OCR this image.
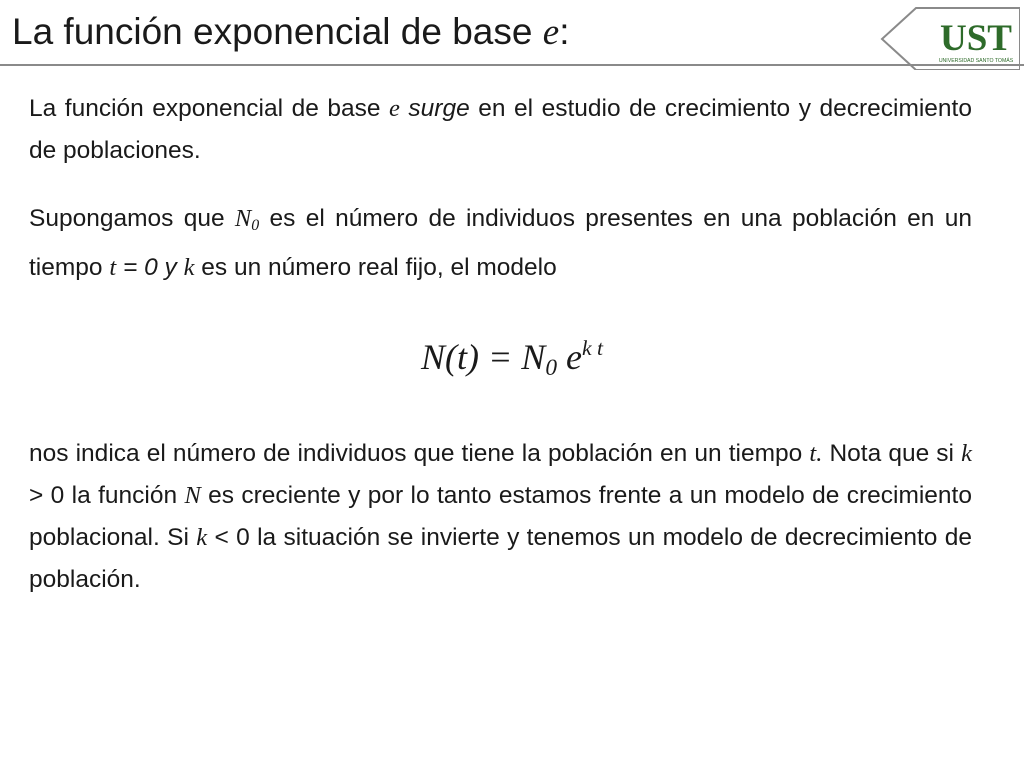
La función exponencial de base e:	UST
UNIVERSIDAD SANTO TOMÁS

La función exponencial de base e surge en el estudio de crecimiento y decrecimiento de poblaciones.

Supongamos que $N_0$ es el número de individuos presentes en una población en un tiempo t = 0 y k es un número real fijo, el modelo

$N(t) = N_0$ $e^{k t}$

nos indica el número de individuos que tiene la población en un tiempo t. Nota que si k > 0 la función N es creciente y por lo tanto estamos frente a un modelo de crecimiento poblacional. Si k < 0 la situación se invierte y tenemos un modelo de decrecimiento de población.
